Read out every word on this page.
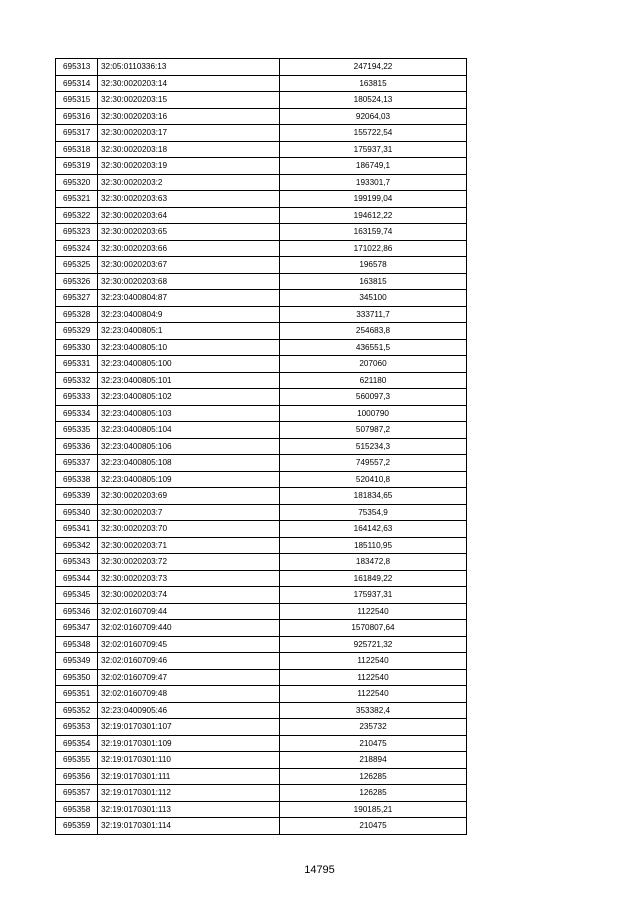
695313	32:05:0110336:13	247194,22
695314	32:30:0020203:14	163815
695315	32:30:0020203:15	180524,13
695316	32:30:0020203:16	92064,03
695317	32:30:0020203:17	155722,54
695318	32:30:0020203:18	175937,31
695319	32:30:0020203:19	186749,1
695320	32:30:0020203:2	193301,7
695321	32:30:0020203:63	199199,04
695322	32:30:0020203:64	194612,22
695323	32:30:0020203:65	163159,74
695324	32:30:0020203:66	171022,86
695325	32:30:0020203:67	196578
695326	32:30:0020203:68	163815
695327	32:23:0400804:87	345100
695328	32:23:0400804:9	333711,7
695329	32:23:0400805:1	254683,8
695330	32:23:0400805:10	436551,5
695331	32:23:0400805:100	207060
695332	32:23:0400805:101	621180
695333	32:23:0400805:102	560097,3
695334	32:23:0400805:103	1000790
695335	32:23:0400805:104	507987,2
695336	32:23:0400805:106	515234,3
695337	32:23:0400805:108	749557,2
695338	32:23:0400805:109	520410,8
695339	32:30:0020203:69	181834,65
695340	32:30:0020203:7	75354,9
695341	32:30:0020203:70	164142,63
695342	32:30:0020203:71	185110,95
695343	32:30:0020203:72	183472,8
695344	32:30:0020203:73	161849,22
695345	32:30:0020203:74	175937,31
695346	32:02:0160709:44	1122540
695347	32:02:0160709:440	1570807,64
695348	32:02:0160709:45	925721,32
695349	32:02:0160709:46	1122540
695350	32:02:0160709:47	1122540
695351	32:02:0160709:48	1122540
695352	32:23:0400905:46	353382,4
695353	32:19:0170301:107	235732
695354	32:19:0170301:109	210475
695355	32:19:0170301:110	218894
695356	32:19:0170301:111	126285
695357	32:19:0170301:112	126285
695358	32:19:0170301:113	190185,21
695359	32:19:0170301:114	210475
14795
